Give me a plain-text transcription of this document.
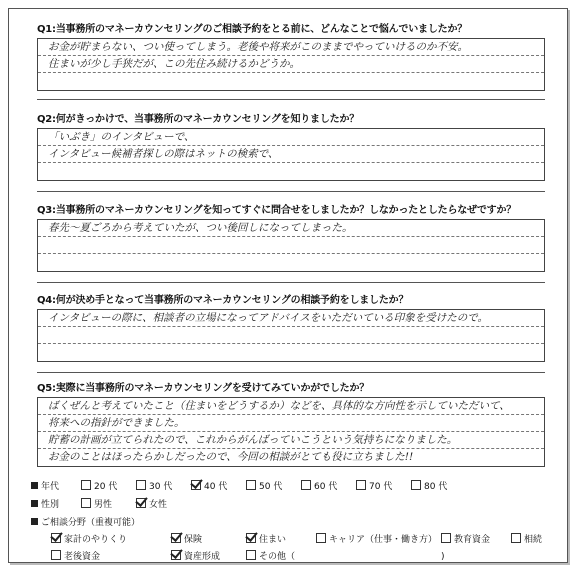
Q1:当事務所のマネーカウンセリングのご相談予約をとる前に、どんなことで悩んでいましたか？
お金が貯まらない、つい使ってしまう。老後や将来がこのままでやっていけるのか不安。
住まいが少し手狭だが、この先住み続けるかどうか。
Q2:何がきっかけで、当事務所のマネーカウンセリングを知りましたか？
「いぶき」のインタビューで、
インタビュー候補者探しの際はネットの検索で、
Q3:当事務所のマネーカウンセリングを知ってすぐに問合せをしましたか？しなかったとしたらなぜですか？
春先～夏ごろから考えていたが、つい後回しになってしまった。
Q4:何が決め手となって当事務所のマネーカウンセリングの相談予約をしましたか？
インタビューの際に、相談者の立場になってアドバイスをいただいている印象を受けたので。
Q5:実際に当事務所のマネーカウンセリングを受けてみていかがでしたか？
ばくぜんと考えていたこと（住まいをどうするか）などを、具体的な方向性を示していただいて、
将来への指針ができました。
貯蓄の計画が立てられたので、これからがんばっていこうという気持ちになりました。
お金のことはほったらかしだったので、今回の相談がとても役に立ちました!!
年代	20 代	30 代	40 代	50 代	60 代	70 代	80 代
性別	男性	女性
ご相談分野（重複可能）
家計のやりくり	保険	住まい	キャリア（仕事・働き方）	教育資金	相続
老後資金	資産形成	その他（	)
